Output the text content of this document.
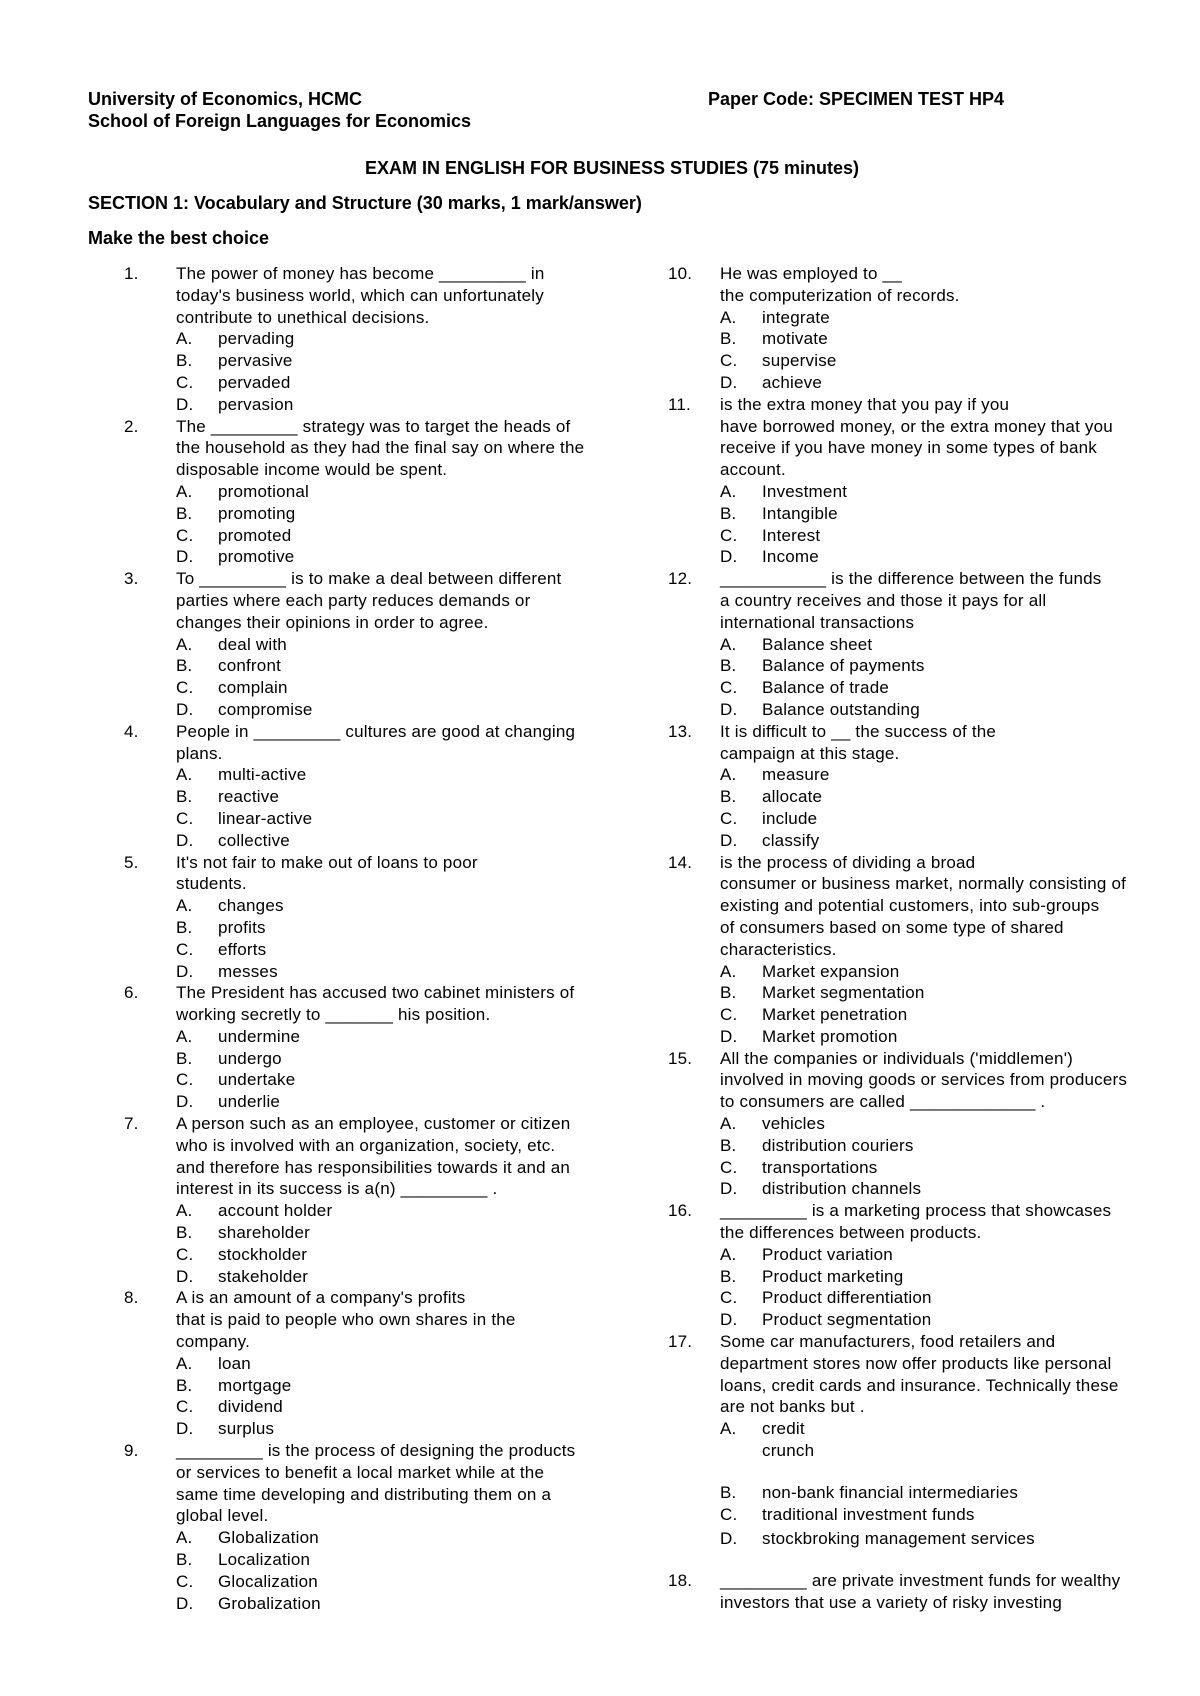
University of Economics, HCMC
School of Foreign Languages for Economics
Paper Code: SPECIMEN TEST HP4
EXAM IN ENGLISH FOR BUSINESS STUDIES (75 minutes)
SECTION 1: Vocabulary and Structure (30 marks, 1 mark/answer)
Make the best choice
1. The power of money has become _________ in
today's business world, which can unfortunately
contribute to unethical decisions.
A. pervading
B. pervasive
C. pervaded
D. pervasion
2. The _________ strategy was to target the heads of
the household as they had the final say on where the
disposable income would be spent.
A. promotional
B. promoting
C. promoted
D. promotive
3. To _________ is to make a deal between different
parties where each party reduces demands or
changes their opinions in order to agree.
A. deal with
B. confront
C. complain
D. compromise
4. People in _________ cultures are good at changing
plans.
A. multi-active
B. reactive
C. linear-active
D. collective
5. It's not fair to make out of loans to poor
students.
A. changes
B. profits
C. efforts
D. messes
6. The President has accused two cabinet ministers of
working secretly to _______ his position.
A. undermine
B. undergo
C. undertake
D. underlie
7. A person such as an employee, customer or citizen
who is involved with an organization, society, etc.
and therefore has responsibilities towards it and an
interest in its success is a(n) _________ .
A. account holder
B. shareholder
C. stockholder
D. stakeholder
8. A is an amount of a company's profits
that is paid to people who own shares in the
company.
A. loan
B. mortgage
C. dividend
D. surplus
9. _________ is the process of designing the products
or services to benefit a local market while at the
same time developing and distributing them on a
global level.
A. Globalization
B. Localization
C. Glocalization
D. Grobalization
10. He was employed to __
the computerization of records.
A. integrate
B. motivate
C. supervise
D. achieve
11. is the extra money that you pay if you
have borrowed money, or the extra money that you
receive if you have money in some types of bank
account.
A. Investment
B. Intangible
C. Interest
D. Income
12. ___________ is the difference between the funds
a country receives and those it pays for all
international transactions
A. Balance sheet
B. Balance of payments
C. Balance of trade
D. Balance outstanding
13. It is difficult to __ the success of the
campaign at this stage.
A. measure
B. allocate
C. include
D. classify
14. is the process of dividing a broad
consumer or business market, normally consisting of
existing and potential customers, into sub-groups
of consumers based on some type of shared
characteristics.
A. Market expansion
B. Market segmentation
C. Market penetration
D. Market promotion
15. All the companies or individuals ('middlemen')
involved in moving goods or services from producers
to consumers are called _____________ .
A. vehicles
B. distribution couriers
C. transportations
D. distribution channels
16. _________ is a marketing process that showcases
the differences between products.
A. Product variation
B. Product marketing
C. Product differentiation
D. Product segmentation
17. Some car manufacturers, food retailers and
department stores now offer products like personal
loans, credit cards and insurance. Technically these
are not banks but .
A. credit
crunch
B. non-bank financial intermediaries
C. traditional investment funds
D. stockbroking management services
18. _________ are private investment funds for wealthy
investors that use a variety of risky investing
